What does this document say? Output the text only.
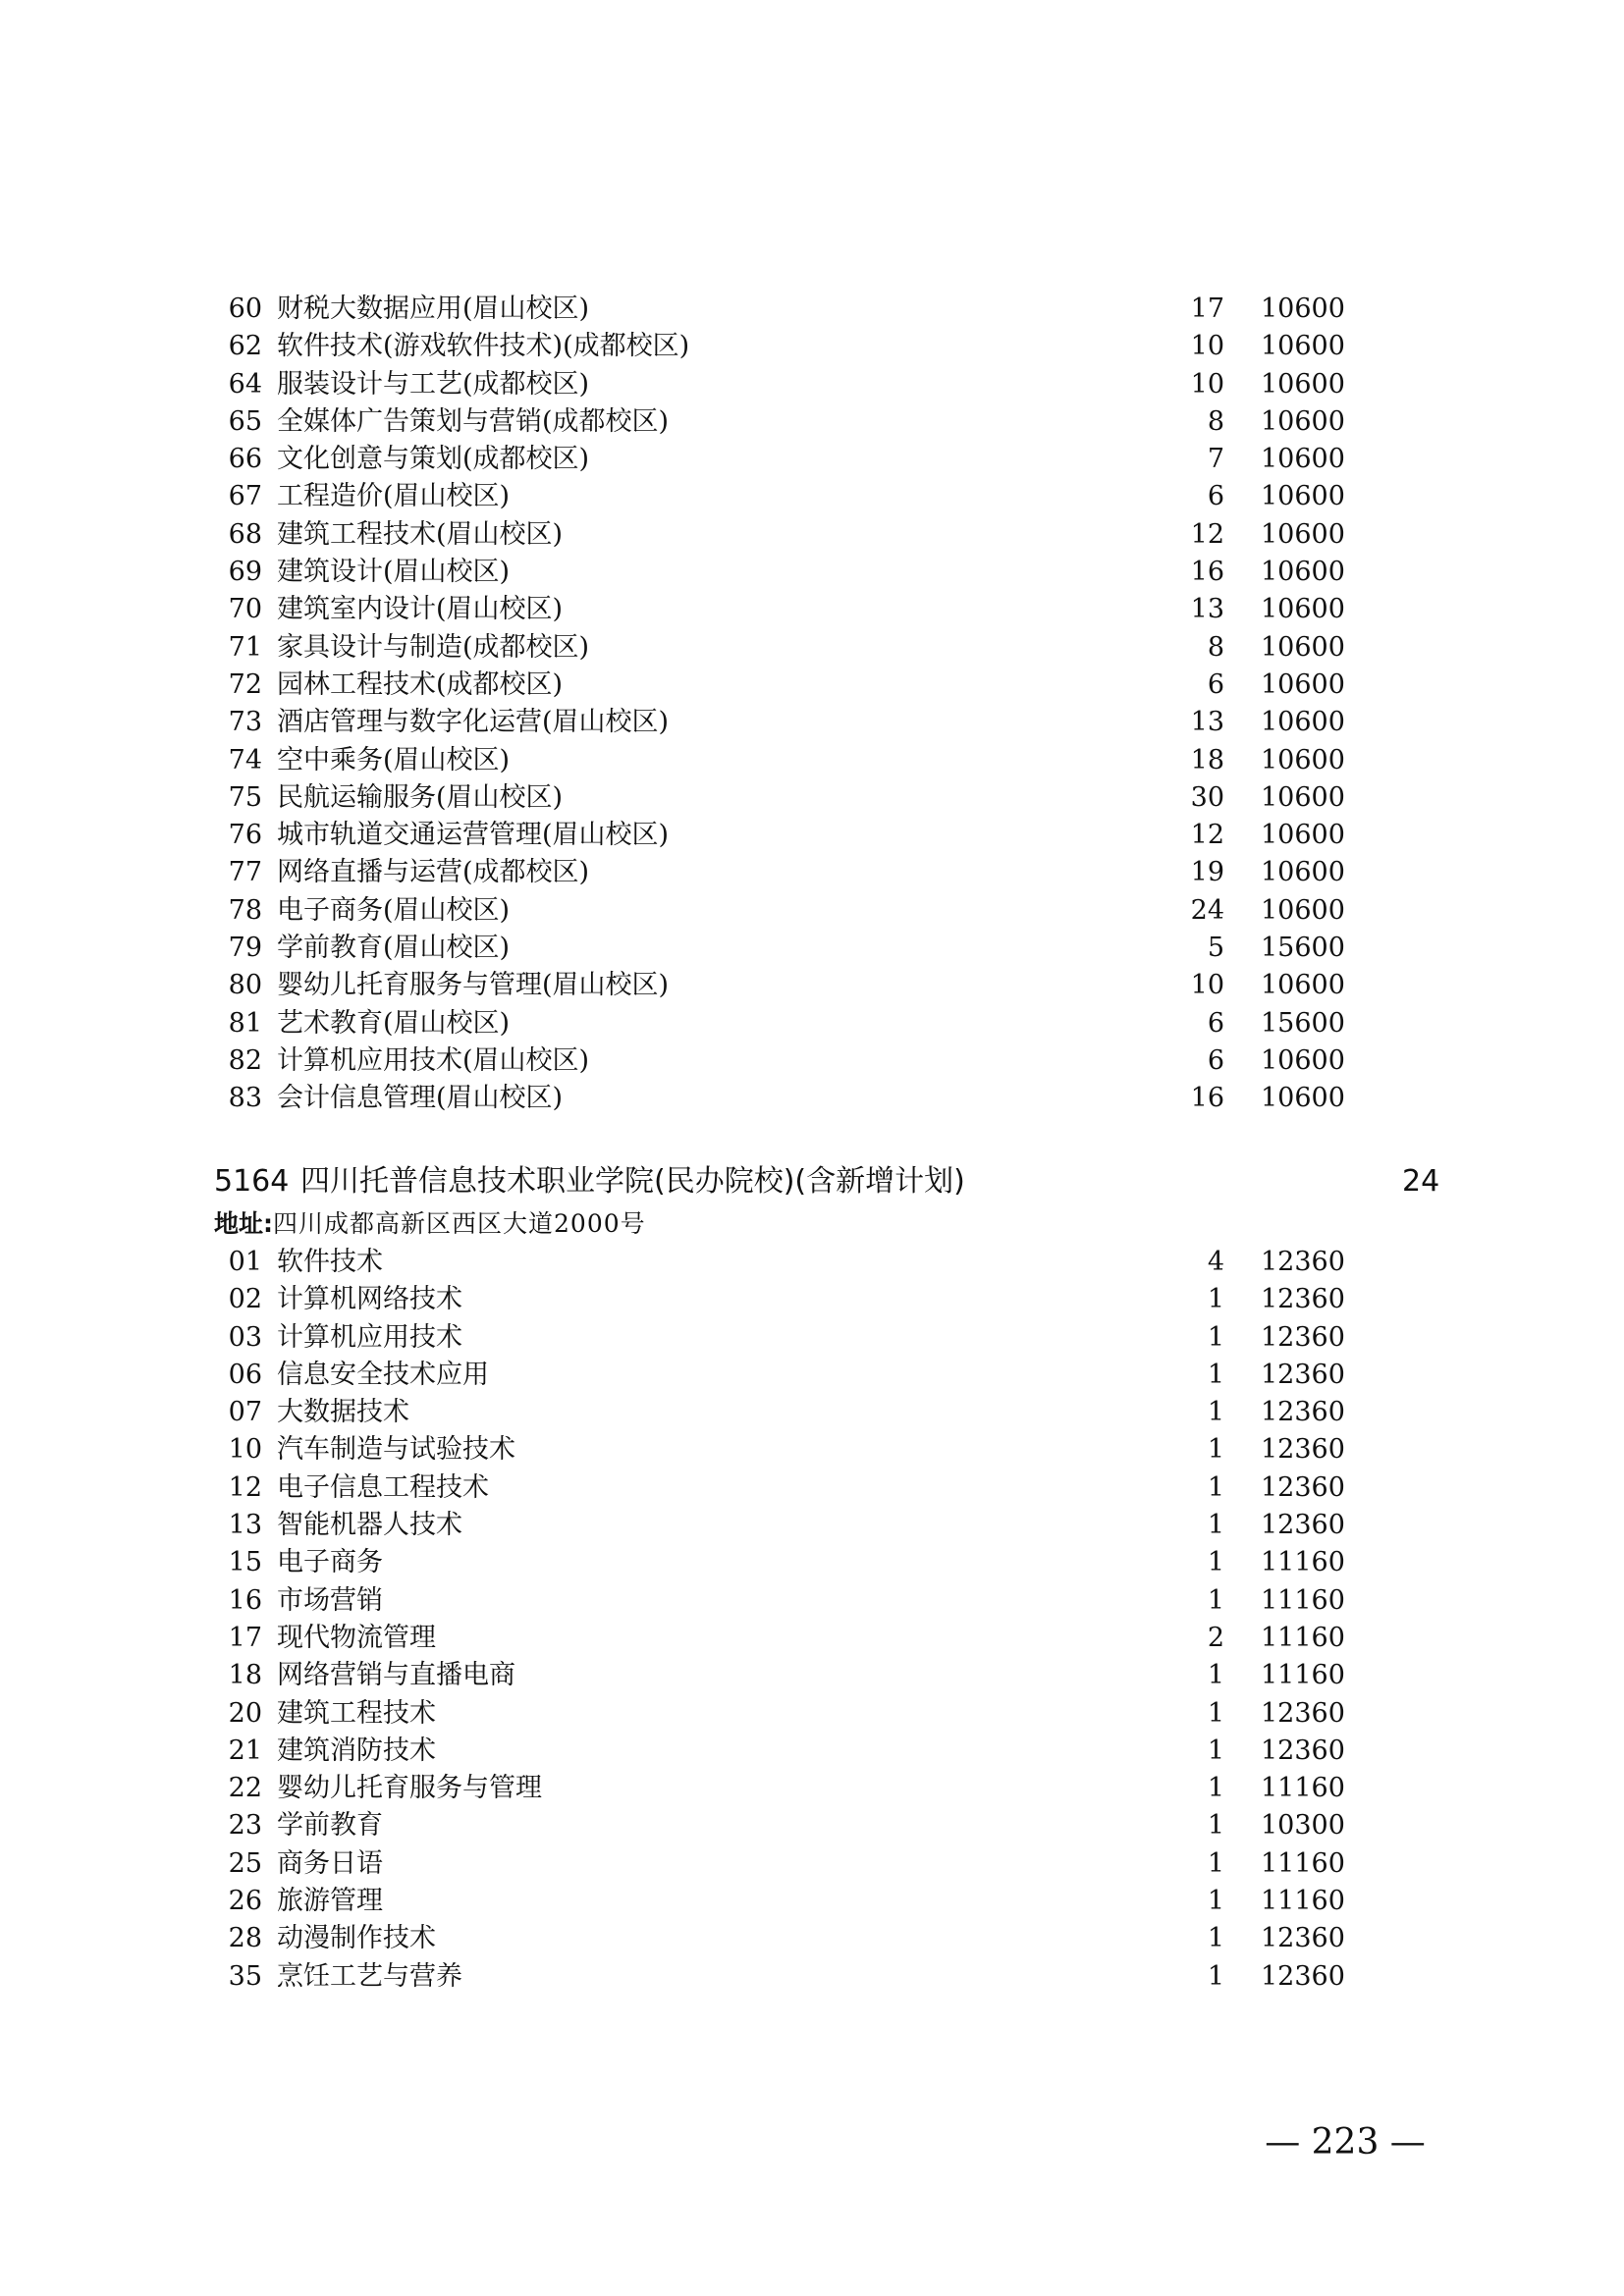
60 财税大数据应用(眉山校区)	17 10600
62 软件技术(游戏软件技术)(成都校区)	10 10600
64 服装设计与工艺(成都校区)	10 10600
65 全媒体广告策划与营销(成都校区)	8 10600
66 文化创意与策划(成都校区)	7 10600
67 工程造价(眉山校区)	6 10600
68 建筑工程技术(眉山校区)	12 10600
69 建筑设计(眉山校区)	16 10600
70 建筑室内设计(眉山校区)	13 10600
71 家具设计与制造(成都校区)	8 10600
72 园林工程技术(成都校区)	6 10600
73 酒店管理与数字化运营(眉山校区)	13 10600
74 空中乘务(眉山校区)	18 10600
75 民航运输服务(眉山校区)	30 10600
76 城市轨道交通运营管理(眉山校区)	12 10600
77 网络直播与运营(成都校区)	19 10600
78 电子商务(眉山校区)	24 10600
79 学前教育(眉山校区)	5 15600
80 婴幼儿托育服务与管理(眉山校区)	10 10600
81 艺术教育(眉山校区)	6 15600
82 计算机应用技术(眉山校区)	6 10600
83 会计信息管理(眉山校区)	16 10600
5164 四川托普信息技术职业学院(民办院校)(含新增计划)	24
地址:四川成都高新区西区大道2000号
01 软件技术	4 12360
02 计算机网络技术	1 12360
03 计算机应用技术	1 12360
06 信息安全技术应用	1 12360
07 大数据技术	1 12360
10 汽车制造与试验技术	1 12360
12 电子信息工程技术	1 12360
13 智能机器人技术	1 12360
15 电子商务	1 11160
16 市场营销	1 11160
17 现代物流管理	2 11160
18 网络营销与直播电商	1 11160
20 建筑工程技术	1 12360
21 建筑消防技术	1 12360
22 婴幼儿托育服务与管理	1 11160
23 学前教育	1 10300
25 商务日语	1 11160
26 旅游管理	1 11160
28 动漫制作技术	1 12360
35 烹饪工艺与营养	1 12360
— 223 —
